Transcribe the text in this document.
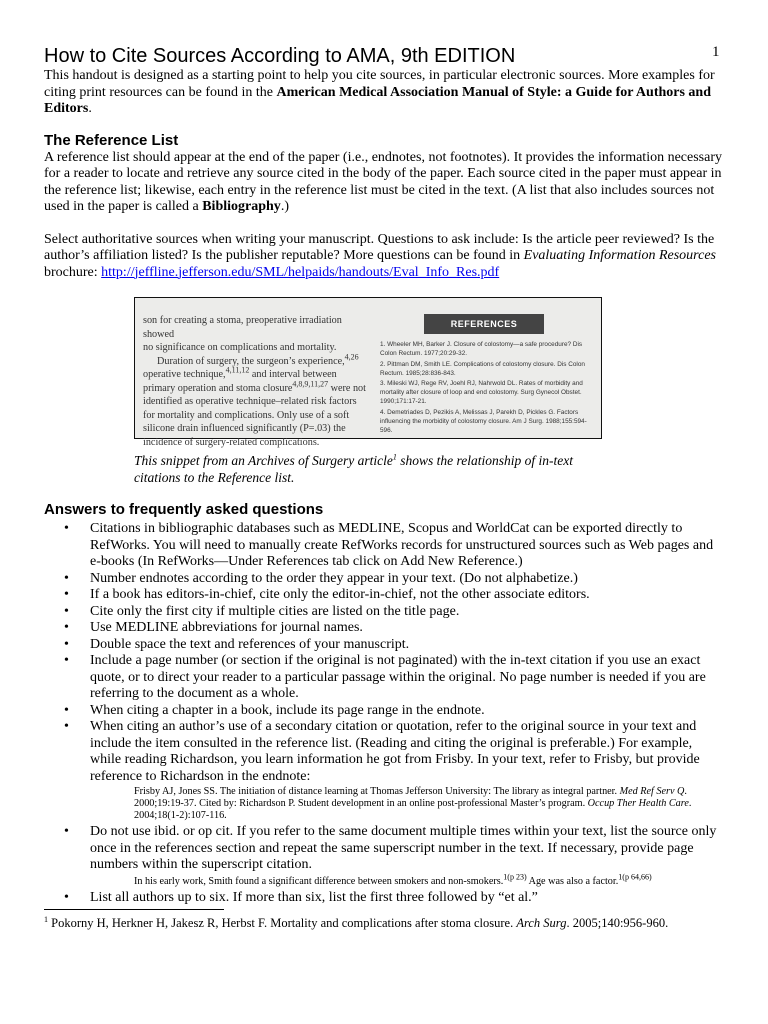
1
How to Cite Sources According to AMA, 9th EDITION

This handout is designed as a starting point to help you cite sources, in particular electronic sources. More examples for citing print resources can be found in the American Medical Association Manual of Style: a Guide for Authors and Editors.

The Reference List

A reference list should appear at the end of the paper (i.e., endnotes, not footnotes). It provides the information necessary for a reader to locate and retrieve any source cited in the body of the paper. Each source cited in the paper must appear in the reference list; likewise, each entry in the reference list must be cited in the text. (A list that also includes sources not used in the paper is called a Bibliography.)

Select authoritative sources when writing your manuscript. Questions to ask include: Is the article peer reviewed? Is the author’s affiliation listed? Is the publisher reputable? More questions can be found in Evaluating Information Resources brochure: http://jeffline.jefferson.edu/SML/helpaids/handouts/Eval_Info_Res.pdf

son for creating a stoma, preoperative irradiation showed
no significance on complications and mortality.
Duration of surgery, the surgeon’s experience,$^{4,26}$ operative technique,$^{4,11,12}$ and interval between primary operation and stoma closure$^{4,8,9,11,27}$ were not identified as operative technique–related risk factors for mortality and complications. Only use of a soft silicone drain influenced significantly (P=.03) the incidence of surgery-related complications.
REFERENCES
1. Wheeler MH, Barker J. Closure of colostomy—a safe procedure? Dis Colon Rectum. 1977;20:29-32.
2. Pittman DM, Smith LE. Complications of colostomy closure. Dis Colon Rectum. 1985;28:836-843.
3. Mileski WJ, Rege RV, Joehl RJ, Nahrwold DL. Rates of morbidity and mortality after closure of loop and end colostomy. Surg Gynecol Obstet. 1990;171:17-21.
4. Demetriades D, Pezikis A, Melissas J, Parekh D, Pickles G. Factors influencing the morbidity of colostomy closure. Am J Surg. 1988;155:594-596.
This snippet from an Archives of Surgery article$^1$ shows the relationship of in-text citations to the Reference list.
Answers to frequently asked questions
• Citations in bibliographic databases such as MEDLINE, Scopus and WorldCat can be exported directly to RefWorks. You will need to manually create RefWorks records for unstructured sources such as Web pages and e-books (In RefWorks—Under References tab click on Add New Reference.)
• Number endnotes according to the order they appear in your text. (Do not alphabetize.)
• If a book has editors-in-chief, cite only the editor-in-chief, not the other associate editors.
• Cite only the first city if multiple cities are listed on the title page.
• Use MEDLINE abbreviations for journal names.
• Double space the text and references of your manuscript.
• Include a page number (or section if the original is not paginated) with the in-text citation if you use an exact quote, or to direct your reader to a particular passage within the original. No page number is needed if you are referring to the document as a whole.
• When citing a chapter in a book, include its page range in the endnote.
• When citing an author’s use of a secondary citation or quotation, refer to the original source in your text and include the item consulted in the reference list. (Reading and citing the original is preferable.) For example, while reading Richardson, you learn information he got from Frisby. In your text, refer to Frisby, but provide reference to Richardson in the endnote:
Frisby AJ, Jones SS. The initiation of distance learning at Thomas Jefferson University: The library as integral partner. Med Ref Serv Q. 2000;19:19-37. Cited by: Richardson P. Student development in an online post-professional Master’s program. Occup Ther Health Care. 2004;18(1-2):107-116.
• Do not use ibid. or op cit. If you refer to the same document multiple times within your text, list the source only once in the references section and repeat the same superscript number in the text. If necessary, provide page numbers within the superscript citation.
In his early work, Smith found a significant difference between smokers and non-smokers.$^{1(p 23)}$ Age was also a factor.$^{1(p 64,66)}$
• List all authors up to six. If more than six, list the first three followed by “et al.”
$^1$ Pokorny H, Herkner H, Jakesz R, Herbst F. Mortality and complications after stoma closure. Arch Surg. 2005;140:956-960.
